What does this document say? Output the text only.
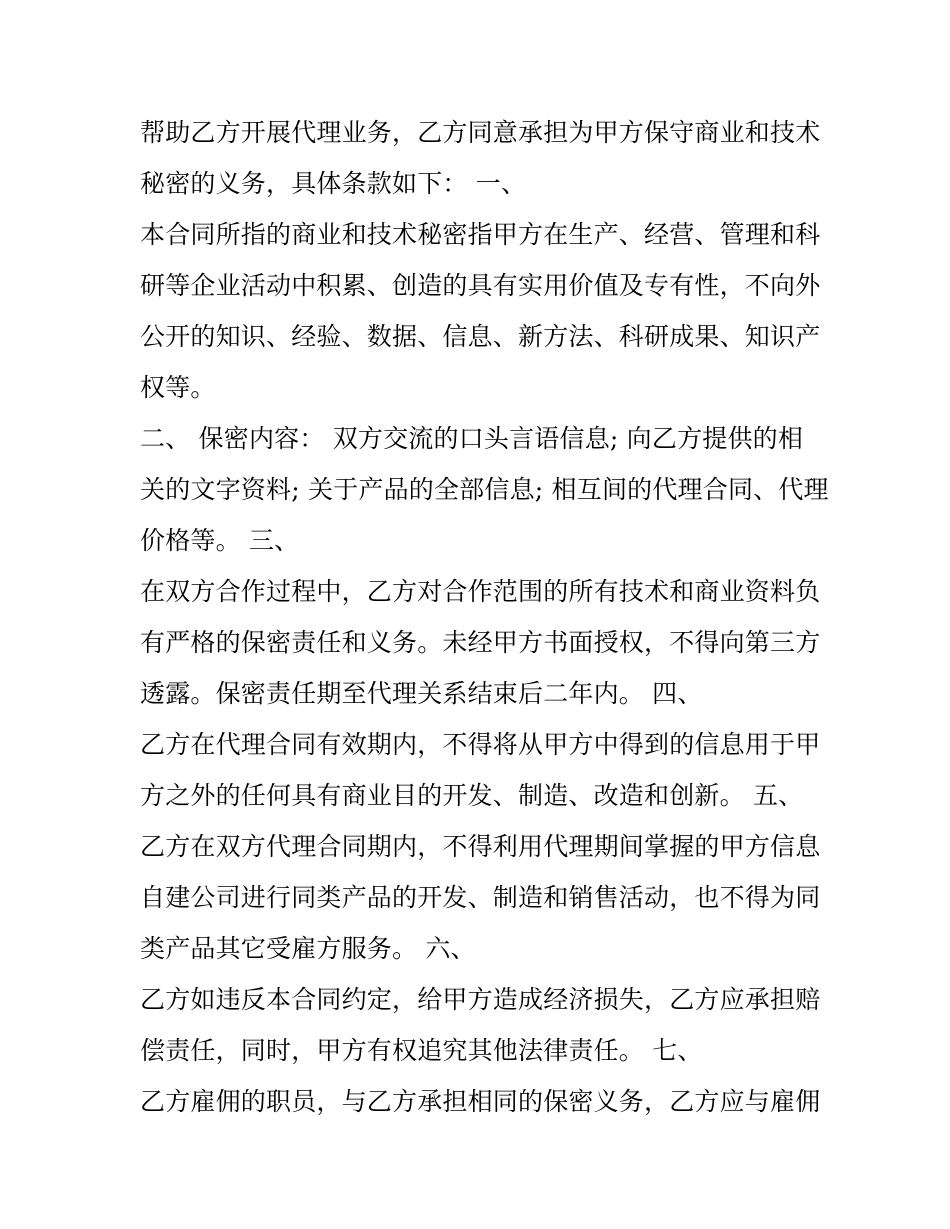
帮助乙方开展代理业务，乙方同意承担为甲方保守商业和技术
秘密的义务，具体条款如下： 一、
本合同所指的商业和技术秘密指甲方在生产、经营、管理和科
研等企业活动中积累、创造的具有实用价值及专有性，不向外
公开的知识、经验、数据、信息、新方法、科研成果、知识产
权等。
二、 保密内容： 双方交流的口头言语信息; 向乙方提供的相
关的文字资料; 关于产品的全部信息; 相互间的代理合同、代理
价格等。 三、
在双方合作过程中，乙方对合作范围的所有技术和商业资料负
有严格的保密责任和义务。未经甲方书面授权，不得向第三方
透露。保密责任期至代理关系结束后二年内。 四、
乙方在代理合同有效期内，不得将从甲方中得到的信息用于甲
方之外的任何具有商业目的开发、制造、改造和创新。 五、
乙方在双方代理合同期内，不得利用代理期间掌握的甲方信息
自建公司进行同类产品的开发、制造和销售活动，也不得为同
类产品其它受雇方服务。 六、
乙方如违反本合同约定，给甲方造成经济损失，乙方应承担赔
偿责任，同时，甲方有权追究其他法律责任。 七、
乙方雇佣的职员，与乙方承担相同的保密义务，乙方应与雇佣
